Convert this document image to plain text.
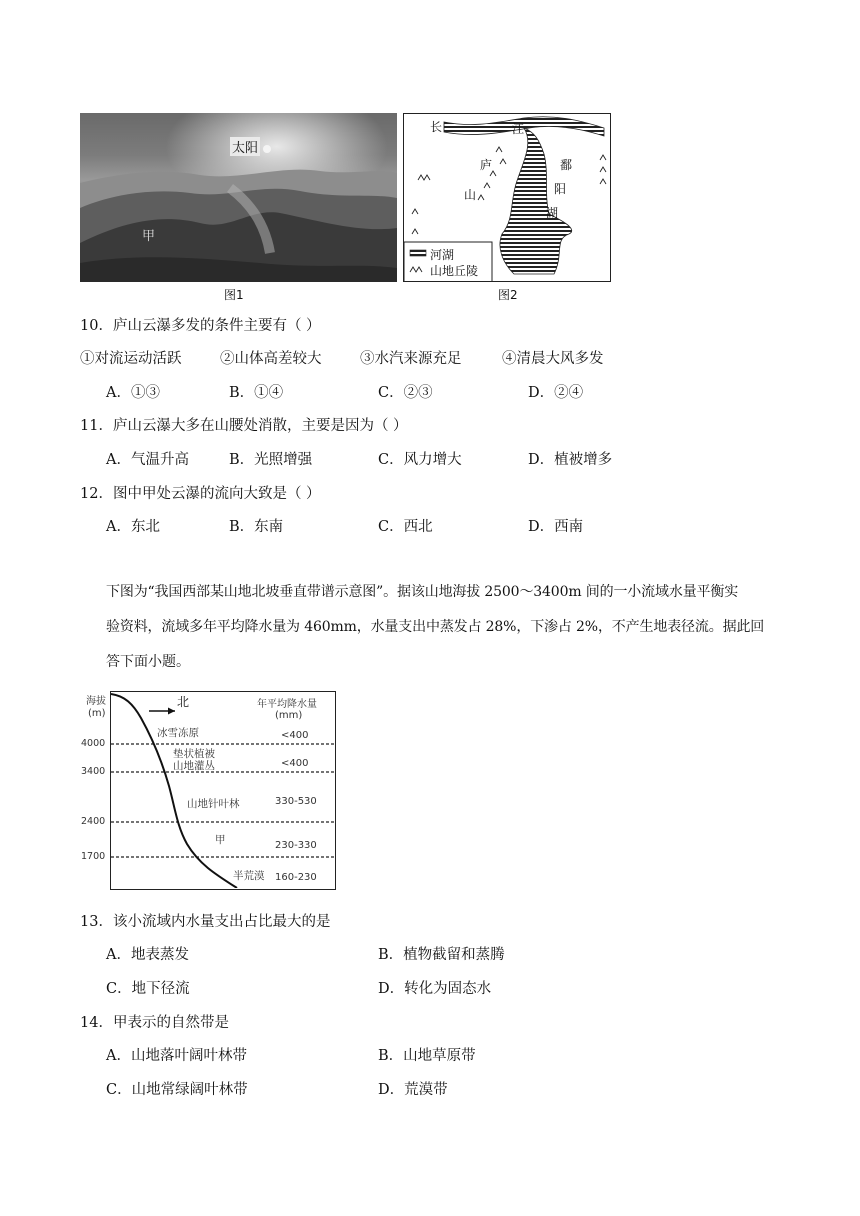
太阳
甲
图1
长	江
庐
山
鄱
阳
湖
河湖
山地丘陵
图2
10．庐山云瀑多发的条件主要有（ ）
①对流运动活跃	②山体高差较大	③水汽来源充足	④清晨大风多发
A．①③	B．①④	C．②③	D．②④
11．庐山云瀑大多在山腰处消散，主要是因为（ ）
A．气温升高	B．光照增强	C．风力增大	D．植被增多
12．图中甲处云瀑的流向大致是（ ）
A．东北	B．东南	C．西北	D．西南
下图为“我国西部某山地北坡垂直带谱示意图”。据该山地海拔 2500～3400m 间的一小流域水量平衡实
验资料，流域多年平均降水量为 460mm，水量支出中蒸发占 28%，下渗占 2%，不产生地表径流。据此回
答下面小题。
海拔
(m)
4000
3400
2400
1700
北	年平均降水量
(mm)
冰雪冻原
垫状植被
山地灌丛
山地针叶林
甲
半荒漠
<400
<400
330-530
230-330
160-230
13．该小流域内水量支出占比最大的是
A．地表蒸发	B．植物截留和蒸腾
C．地下径流	D．转化为固态水
14．甲表示的自然带是
A．山地落叶阔叶林带	B．山地草原带
C．山地常绿阔叶林带	D．荒漠带
